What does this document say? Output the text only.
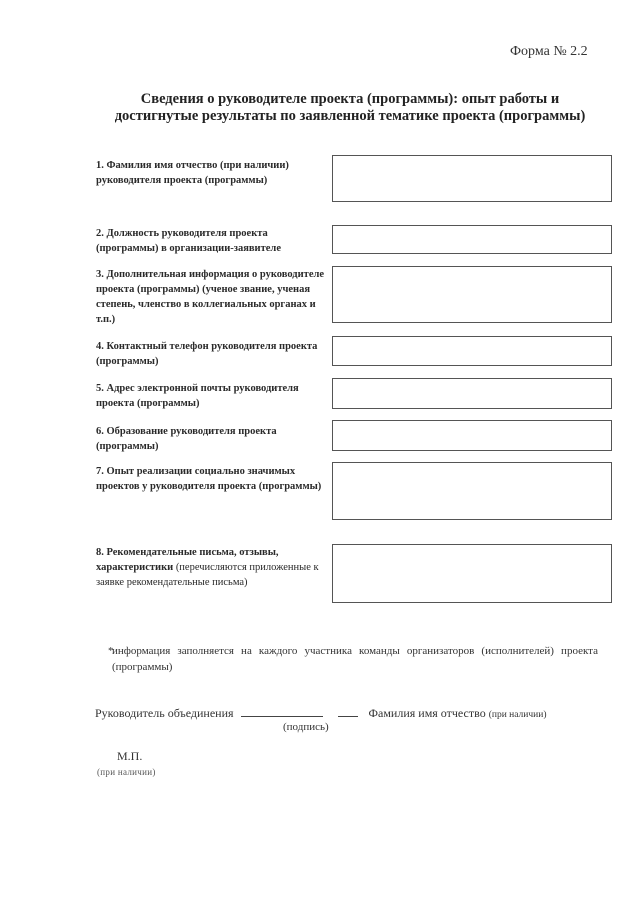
Форма № 2.2
Сведения о руководителе проекта (программы): опыт работы и
достигнутые результаты по заявленной тематике проекта (программы)
1. Фамилия имя отчество (при наличии) руководителя проекта (программы)
2. Должность руководителя проекта (программы) в организации-заявителе
3. Дополнительная информация о руководителе проекта (программы) (ученое звание, ученая степень, членство в коллегиальных органах и т.п.)
4. Контактный телефон руководителя проекта (программы)
5. Адрес электронной почты руководителя проекта (программы)
6. Образование руководителя проекта (программы)
7. Опыт реализации социально значимых проектов у руководителя проекта (программы)
8. Рекомендательные письма, отзывы, характеристики (перечисляются приложенные к заявке рекомендательные письма)
*
информация заполняется на каждого участника команды организаторов (исполнителей) проекта (программы)
Руководитель объединения	Фамилия имя отчество (при наличии)
(подпись)
М.П.
(при наличии)
